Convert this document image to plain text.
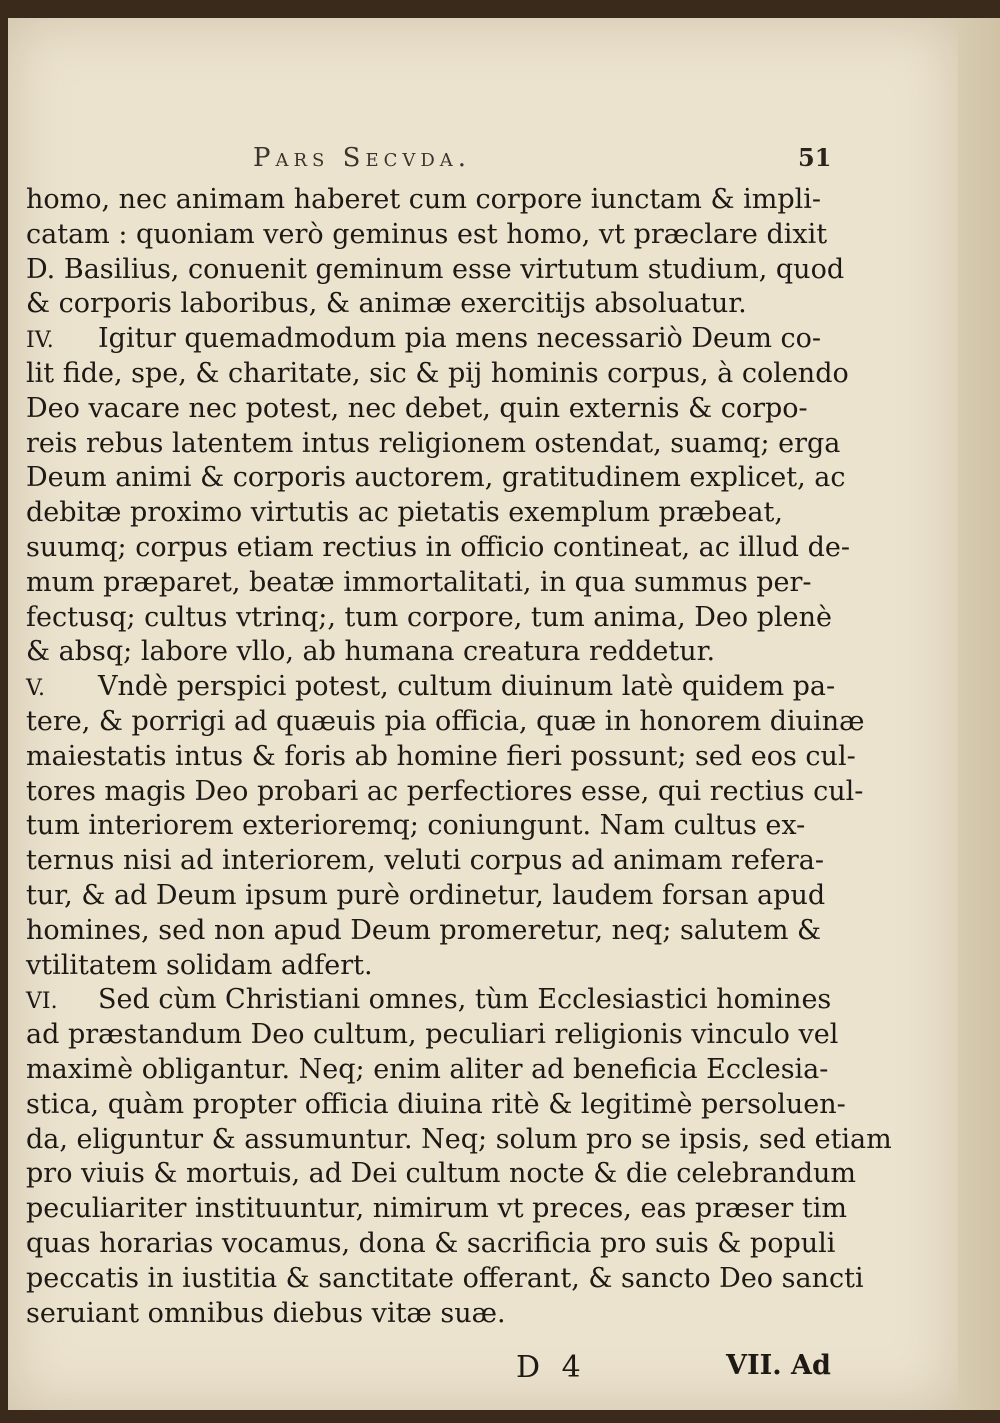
Pars Secvda.	51
homo, nec animam haberet cum corpore iunctam & impli-
catam : quoniam verò geminus est homo, vt præclare dixit
D. Basilius, conuenit geminum esse virtutum studium, quod
& corporis laboribus, & animæ exercitijs absoluatur.
IV. Igitur quemadmodum pia mens necessariò Deum co-
lit fide, spe, & charitate, sic & pij hominis corpus, à colendo
Deo vacare nec potest, nec debet, quin externis & corpo-
reis rebus latentem intus religionem ostendat, suamq; erga
Deum animi & corporis auctorem, gratitudinem explicet, ac
debitæ proximo virtutis ac pietatis exemplum præbeat,
suumq; corpus etiam rectius in officio contineat, ac illud de-
mum præparet, beatæ immortalitati, in qua summus per-
fectusq; cultus vtrinq;, tum corpore, tum anima, Deo plenè
& absq; labore vllo, ab humana creatura reddetur.
V. Vndè perspici potest, cultum diuinum latè quidem pa-
tere, & porrigi ad quæuis pia officia, quæ in honorem diuinæ
maiestatis intus & foris ab homine fieri possunt; sed eos cul-
tores magis Deo probari ac perfectiores esse, qui rectius cul-
tum interiorem exterioremq; coniungunt. Nam cultus ex-
ternus nisi ad interiorem, veluti corpus ad animam refera-
tur, & ad Deum ipsum purè ordinetur, laudem forsan apud
homines, sed non apud Deum promeretur, neq; salutem &
vtilitatem solidam adfert.
VI. Sed cùm Christiani omnes, tùm Ecclesiastici homines
ad præstandum Deo cultum, peculiari religionis vinculo vel
maximè obligantur. Neq; enim aliter ad beneficia Ecclesia-
stica, quàm propter officia diuina ritè & legitimè persoluen-
da, eliguntur & assumuntur. Neq; solum pro se ipsis, sed etiam
pro viuis & mortuis, ad Dei cultum nocte & die celebrandum
peculiariter instituuntur, nimirum vt preces, eas præser tim
quas horarias vocamus, dona & sacrificia pro suis & populi
peccatis in iustitia & sanctitate offerant, & sancto Deo sancti
seruiant omnibus diebus vitæ suæ.
D 4	VII. Ad
